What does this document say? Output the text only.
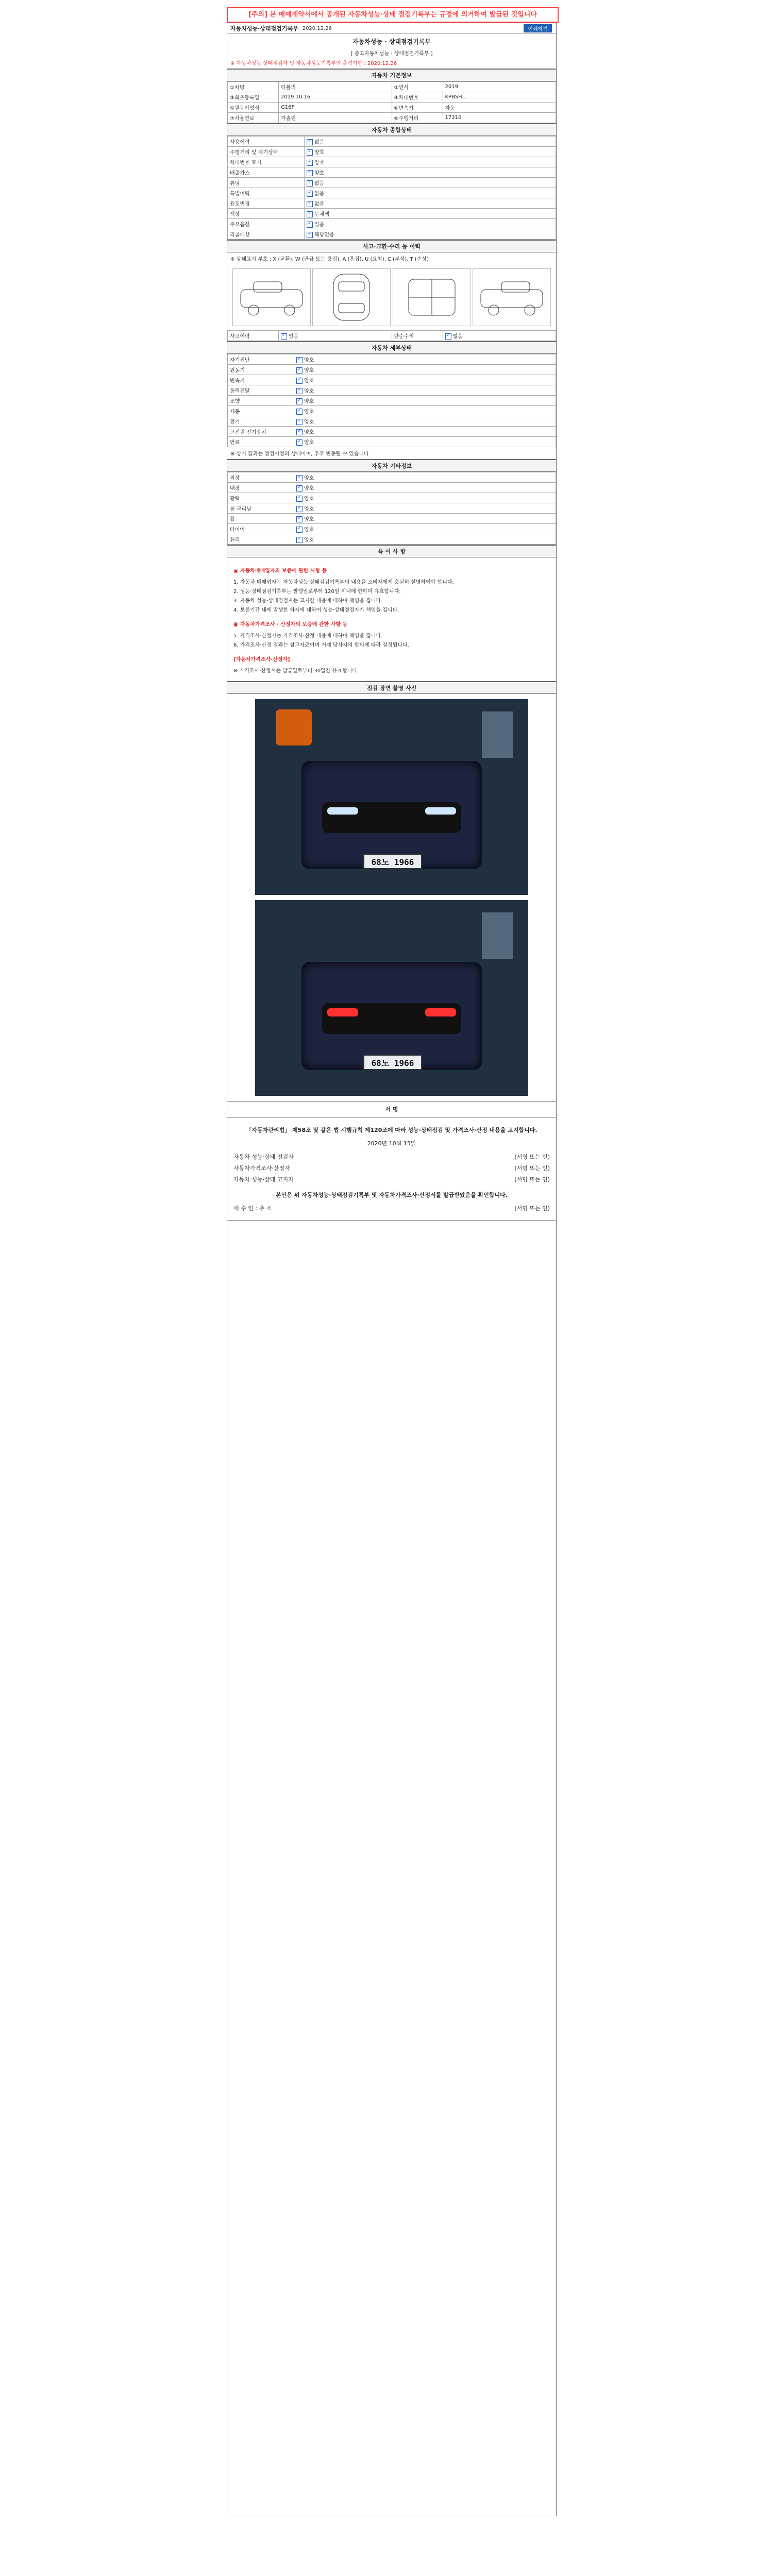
[주의] 본 매매계약서에서 공개된 자동차성능·상태 점검기록부는 규정에 의거하여 발급된 것입니다
자동차성능·상태점검기록부 2020.12.26	인쇄하기
자동차성능 · 상태점검기록부
[ 중고자동차성능 · 상태점검기록부 ]
※ 자동차성능·상태점검자 및 자동차성능기록부의 출력기한 : 2020.12.26
자동차 기본정보
①차명	티볼리	②연식	2019
③최초등록일	2019.10.16	④차대번호	KPBSH...
⑤원동기형식	G16F	⑥변속기	자동
⑦사용연료	가솔린	⑧주행거리	17310
자동차 종합상태
사용이력	✓없음
주행거리 및 계기상태	✓양호
차대번호 표기	✓양호
배출가스	✓양호
튜닝	✓없음
특별이력	✓없음
용도변경	✓없음
색상	✓무채색
주요옵션	✓있음
리콜대상	✓해당없음
사고·교환·수리 등 이력
※ 상태표시 부호 : X (교환), W (판금 또는 용접), A (흠집), U (요철), C (부식), T (손상)
사고이력	✓없음	단순수리	✓없음
자동차 세부상태
자기진단	✓양호
원동기	✓양호
변속기	✓양호
동력전달	✓양호
조향	✓양호
제동	✓양호
전기	✓양호
고전원 전기장치	✓양호
연료	✓양호
※ 상기 결과는 점검시점의 상태이며, 추후 변동될 수 있습니다
자동차 기타정보
외장	✓양호
내장	✓양호
광택	✓양호
룸 크리닝	✓양호
휠	✓양호
타이어	✓양호
유리	✓양호
특 이 사 항
▣ 자동차매매업자의 보증에 관한 사항 등
1. 자동차 매매업자는 자동차성능·상태점검기록부의 내용을 소비자에게 충실히 설명하여야 합니다.
2. 성능·상태점검기록부는 발행일로부터 120일 이내에 한하여 유효합니다.
3. 자동차 성능·상태점검자는 고지한 내용에 대하여 책임을 집니다.
4. 보증기간 내에 발생한 하자에 대하여 성능·상태점검자가 책임을 집니다.
▣ 자동차가격조사 · 산정자의 보증에 관한 사항 등
5. 가격조사·산정자는 가격조사·산정 내용에 대하여 책임을 집니다.
6. 가격조사·산정 결과는 참고자료이며 거래 당사자의 합의에 따라 결정됩니다.
[자동차가격조사·산정자]
※ 가격조사·산정서는 발급일로부터 30일간 유효합니다.
점검 장면 촬영 사진
68노 1966
68노 1966
서 명
「자동차관리법」 제58조 및 같은 법 시행규칙 제120조에 따라 성능·상태점검 및 가격조사·산정 내용을 고지합니다.
2020년 10월 15일
자동차 성능·상태 점검자	(서명 또는 인)
자동차가격조사·산정자	(서명 또는 인)
자동차 성능·상태 고지자	(서명 또는 인)
본인은 위 자동차성능·상태점검기록부 및 자동차가격조사·산정서를 발급받았음을 확인합니다.
매 수 인 : 주 소	(서명 또는 인)
